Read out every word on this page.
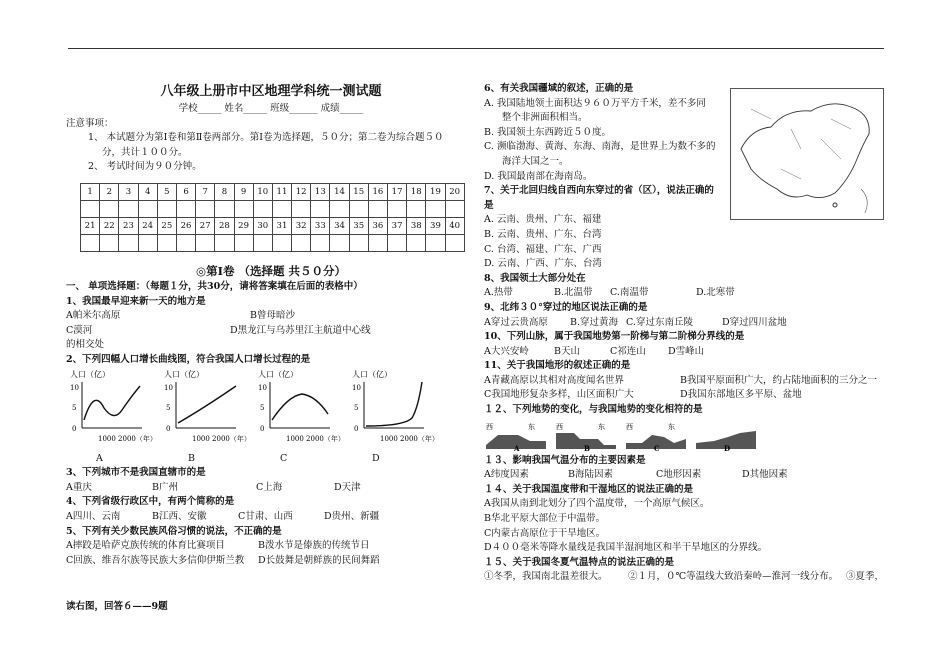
八年级上册市中区地理学科统一测试题
学校_____ 姓名_____ 班级______ 成绩_____
注意事项：
1、 本试题分为第Ⅰ卷和第Ⅱ卷两部分。第Ⅰ卷为选择题，５０分；第二卷为综合题５０
分，共计１００分。
2、 考试时间为９０分钟。
1	2	3	4	5	6	7	8	9	10	11	12	13	14	15	16	17	18	19	20

21	22	23	24	25	26	27	28	29	30	31	32	33	34	35	36	37	38	39	40

◎第Ⅰ卷 （选择题 共５０分）
一、 单项选择题：（每题１分，共30分，请将答案填在后面的表格中）
1、我国最早迎来新一天的地方是
A帕米尔高原	B曾母暗沙
C漠河	D黑龙江与乌苏里江主航道中心线
的相交处
2、下列四幅人口增长曲线图，符合我国人口增长过程的是
人口（亿）
10
5
0
1000 2000（年）
人口（亿）
10
5
0
1000 2000（年）
人口（亿）
10
5
0
1000 2000（年）
人口（亿）
10
5
0
1000 2000（年）
A	B	C	D
3、下列城市不是我国直辖市的是
A重庆	B广州	C上海	D天津
4、下列省级行政区中，有两个简称的是
A四川、云南	B江西、安徽	C甘肃、山西	D贵州、新疆
5、下列有关少数民族风俗习惯的说法，不正确的是
A摔跤是哈萨克族传统的体育比赛项目	B泼水节是傣族的传统节日
C回族、维吾尔族等民族大多信仰伊斯兰教	D长鼓舞是朝鲜族的民间舞蹈
读右图，回答６——9题
6、有关我国疆域的叙述，正确的是
A. 我国陆地领土面积达９６０万平方千米，差不多同
整个非洲面积相当。
B. 我国领土东西跨近５０度。
C. 濒临渤海、黄海、东海、南海，是世界上为数不多的
海洋大国之一。
D. 我国最南部在海南岛。
7、关于北回归线自西向东穿过的省（区），说法正确的
是
A. 云南、贵州、广东、福建
B. 云南、贵州、广东、台湾
C. 台湾、福建、广东、广西
D. 云南、广西、广东、台湾
8、我国领土大部分处在
A.热带	B.北温带	C.南温带	D.北寒带
9、北纬３０°穿过的地区说法正确的是
A穿过云贵高原	B.穿过黄海 C.穿过东南丘陵	D穿过四川盆地
10、下列山脉，属于我国地势第一阶梯与第二阶梯分界线的是
A大兴安岭	B天山	C祁连山	D雪峰山
11、关于我国地形的叙述正确的是
A青藏高原以其相对高度闻名世界	B我国平原面积广大，约占陆地面积的三分之一
C我国地形复杂多样，山区面积广大	D我国东部地区多平原、盆地
１２、下列地势的变化，与我国地势的变化相符的是
西	东
A
西	东
B
西	东
C	D
１３、影响我国气温分布的主要因素是
A纬度因素	B海陆因素	C地形因素	D其他因素
１４、关于我国温度带和干湿地区的说法正确的是
A我国从南到北划分了四个温度带，一个高原气候区。
B华北平原大部位于中温带。
C内蒙古高原位于干旱地区。
D４００毫米等降水量线是我国半湿润地区和半干旱地区的分界线。
１５、关于我国冬夏气温特点的说法正确的是
①冬季，我国南北温差很大。	②１月，０℃等温线大致沿秦岭—淮河一线分布。 ③夏季，
